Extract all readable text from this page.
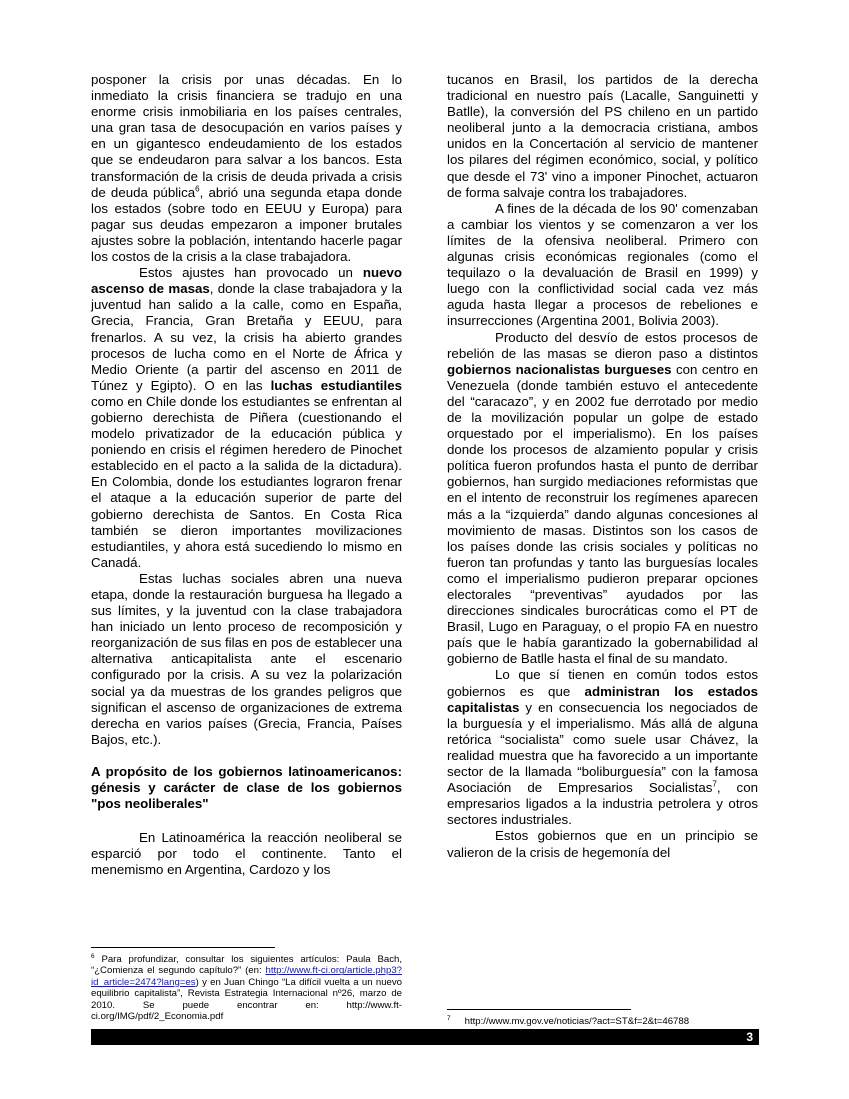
posponer la crisis por unas décadas. En lo inmediato la crisis financiera se tradujo en una enorme crisis inmobiliaria en los países centrales, una gran tasa de desocupación en varios países y en un gigantesco endeudamiento de los estados que se endeudaron para salvar a los bancos. Esta transformación de la crisis de deuda privada a crisis de deuda pública$^6$, abrió una segunda etapa donde los estados (sobre todo en EEUU y Europa) para pagar sus deudas empezaron a imponer brutales ajustes sobre la población, intentando hacerle pagar los costos de la crisis a la clase trabajadora.

Estos ajustes han provocado un nuevo ascenso de masas, donde la clase trabajadora y la juventud han salido a la calle, como en España, Grecia, Francia, Gran Bretaña y EEUU, para frenarlos. A su vez, la crisis ha abierto grandes procesos de lucha como en el Norte de África y Medio Oriente (a partir del ascenso en 2011 de Túnez y Egipto). O en las luchas estudiantiles como en Chile donde los estudiantes se enfrentan al gobierno derechista de Piñera (cuestionando el modelo privatizador de la educación pública y poniendo en crisis el régimen heredero de Pinochet establecido en el pacto a la salida de la dictadura). En Colombia, donde los estudiantes lograron frenar el ataque a la educación superior de parte del gobierno derechista de Santos. En Costa Rica también se dieron importantes movilizaciones estudiantiles, y ahora está sucediendo lo mismo en Canadá.

Estas luchas sociales abren una nueva etapa, donde la restauración burguesa ha llegado a sus límites, y la juventud con la clase trabajadora han iniciado un lento proceso de recomposición y reorganización de sus filas en pos de establecer una alternativa anticapitalista ante el escenario configurado por la crisis. A su vez la polarización social ya da muestras de los grandes peligros que significan el ascenso de organizaciones de extrema derecha en varios países (Grecia, Francia, Países Bajos, etc.).

A propósito de los gobiernos latinoamericanos: génesis y carácter de clase de los gobiernos "pos neoliberales"

En Latinoamérica la reacción neoliberal se esparció por todo el continente. Tanto el menemismo en Argentina, Cardozo y los

tucanos en Brasil, los partidos de la derecha tradicional en nuestro país (Lacalle, Sanguinetti y Batlle), la conversión del PS chileno en un partido neoliberal junto a la democracia cristiana, ambos unidos en la Concertación al servicio de mantener los pilares del régimen económico, social, y político que desde el 73' vino a imponer Pinochet, actuaron de forma salvaje contra los trabajadores.

A fines de la década de los 90' comenzaban a cambiar los vientos y se comenzaron a ver los límites de la ofensiva neoliberal. Primero con algunas crisis económicas regionales (como el tequilazo o la devaluación de Brasil en 1999) y luego con la conflictividad social cada vez más aguda hasta llegar a procesos de rebeliones e insurrecciones (Argentina 2001, Bolivia 2003).

Producto del desvío de estos procesos de rebelión de las masas se dieron paso a distintos gobiernos nacionalistas burgueses con centro en Venezuela (donde también estuvo el antecedente del “caracazo”, y en 2002 fue derrotado por medio de la movilización popular un golpe de estado orquestado por el imperialismo). En los países donde los procesos de alzamiento popular y crisis política fueron profundos hasta el punto de derribar gobiernos, han surgido mediaciones reformistas que en el intento de reconstruir los regímenes aparecen más a la “izquierda” dando algunas concesiones al movimiento de masas. Distintos son los casos de los países donde las crisis sociales y políticas no fueron tan profundas y tanto las burguesías locales como el imperialismo pudieron preparar opciones electorales “preventivas” ayudados por las direcciones sindicales burocráticas como el PT de Brasil, Lugo en Paraguay, o el propio FA en nuestro país que le había garantizado la gobernabilidad al gobierno de Batlle hasta el final de su mandato.

Lo que sí tienen en común todos estos gobiernos es que administran los estados capitalistas y en consecuencia los negociados de la burguesía y el imperialismo. Más allá de alguna retórica “socialista” como suele usar Chávez, la realidad muestra que ha favorecido a un importante sector de la llamada “boliburguesía” con la famosa Asociación de Empresarios Socialistas$^7$, con empresarios ligados a la industria petrolera y otros sectores industriales.

Estos gobiernos que en un principio se valieron de la crisis de hegemonía del

$^6$ Para profundizar, consultar los siguientes artículos: Paula Bach, “¿Comienza el segundo capítulo?” (en: http://www.ft-ci.org/article.php3?id_article=2474?lang=es) y en Juan Chingo “La difícil vuelta a un nuevo equilibrio capitalista”, Revista Estrategia Internacional nº26, marzo de 2010. Se puede encontrar en: http://www.ft-ci.org/IMG/pdf/2_Economia.pdf	$^7$ http://www.mv.gov.ve/noticias/?act=ST&f=2&t=46788
3
